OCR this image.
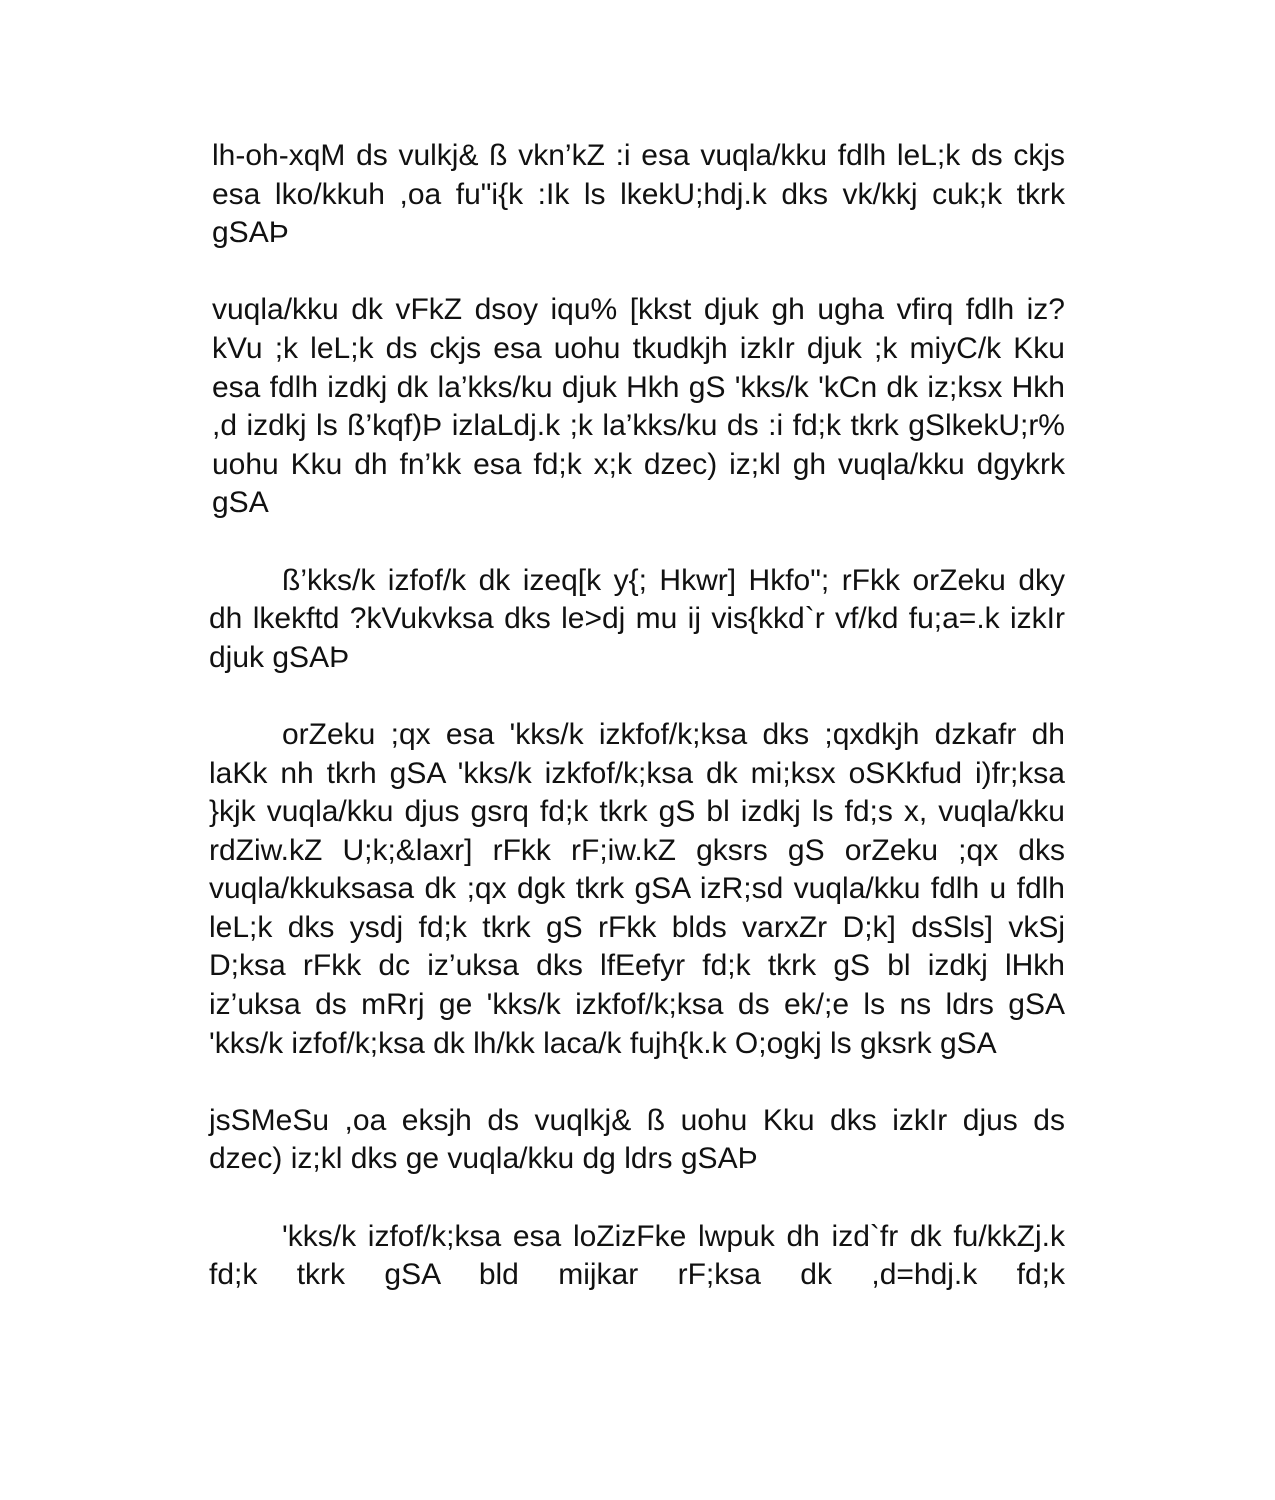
lh-oh-xqM ds vulkj& ß vkn’kZ :i esa vuqla/kku fdlh leL;k ds ckjs esa lko/kkuh ,oa fu"i{k :Ik ls lkekU;hdj.k dks vk/kkj cuk;k tkrk gSAÞ

vuqla/kku dk vFkZ dsoy iqu% [kkst djuk gh ugha vfirq fdlh iz?kVu ;k leL;k ds ckjs esa uohu tkudkjh izkIr djuk ;k miyC/k Kku esa fdlh izdkj dk la’kks/ku djuk Hkh gS 'kks/k 'kCn dk iz;ksx Hkh ,d izdkj ls ß’kqf)Þ izlaLdj.k ;k la’kks/ku ds :i fd;k tkrk gSlkekU;r% uohu Kku dh fn’kk esa fd;k x;k dzec) iz;kl gh vuqla/kku dgykrk gSA

ß’kks/k izfof/k dk izeq[k y{; Hkwr] Hkfo"; rFkk orZeku dky dh lkekftd ?kVukvksa dks le>dj mu ij vis{kkd`r vf/kd fu;a=.k izkIr djuk gSAÞ

orZeku ;qx esa 'kks/k izkfof/k;ksa dks ;qxdkjh dzkafr dh laKk nh tkrh gSA 'kks/k izkfof/k;ksa dk mi;ksx oSKkfud i)fr;ksa }kjk vuqla/kku djus gsrq fd;k tkrk gS bl izdkj ls fd;s x, vuqla/kku rdZiw.kZ U;k;&laxr] rFkk rF;iw.kZ gksrs gS orZeku ;qx dks vuqla/kkuksasa dk ;qx dgk tkrk gSA izR;sd vuqla/kku fdlh u fdlh leL;k dks ysdj fd;k tkrk gS rFkk blds varxZr D;k] dsSls] vkSj D;ksa rFkk dc iz’uksa dks lfEefyr fd;k tkrk gS bl izdkj lHkh iz’uksa ds mRrj ge 'kks/k izkfof/k;ksa ds ek/;e ls ns ldrs gSA 'kks/k izfof/k;ksa dk lh/kk laca/k fujh{k.k O;ogkj ls gksrk gSA

jsSMeSu ,oa eksjh ds vuqlkj& ß uohu Kku dks izkIr djus ds dzec) iz;kl dks ge vuqla/kku dg ldrs gSAÞ

'kks/k izfof/k;ksa esa loZizFke lwpuk dh izd`fr dk fu/kkZj.k fd;k tkrk gSA bld mijkar rF;ksa dk ,d=hdj.k fd;k
